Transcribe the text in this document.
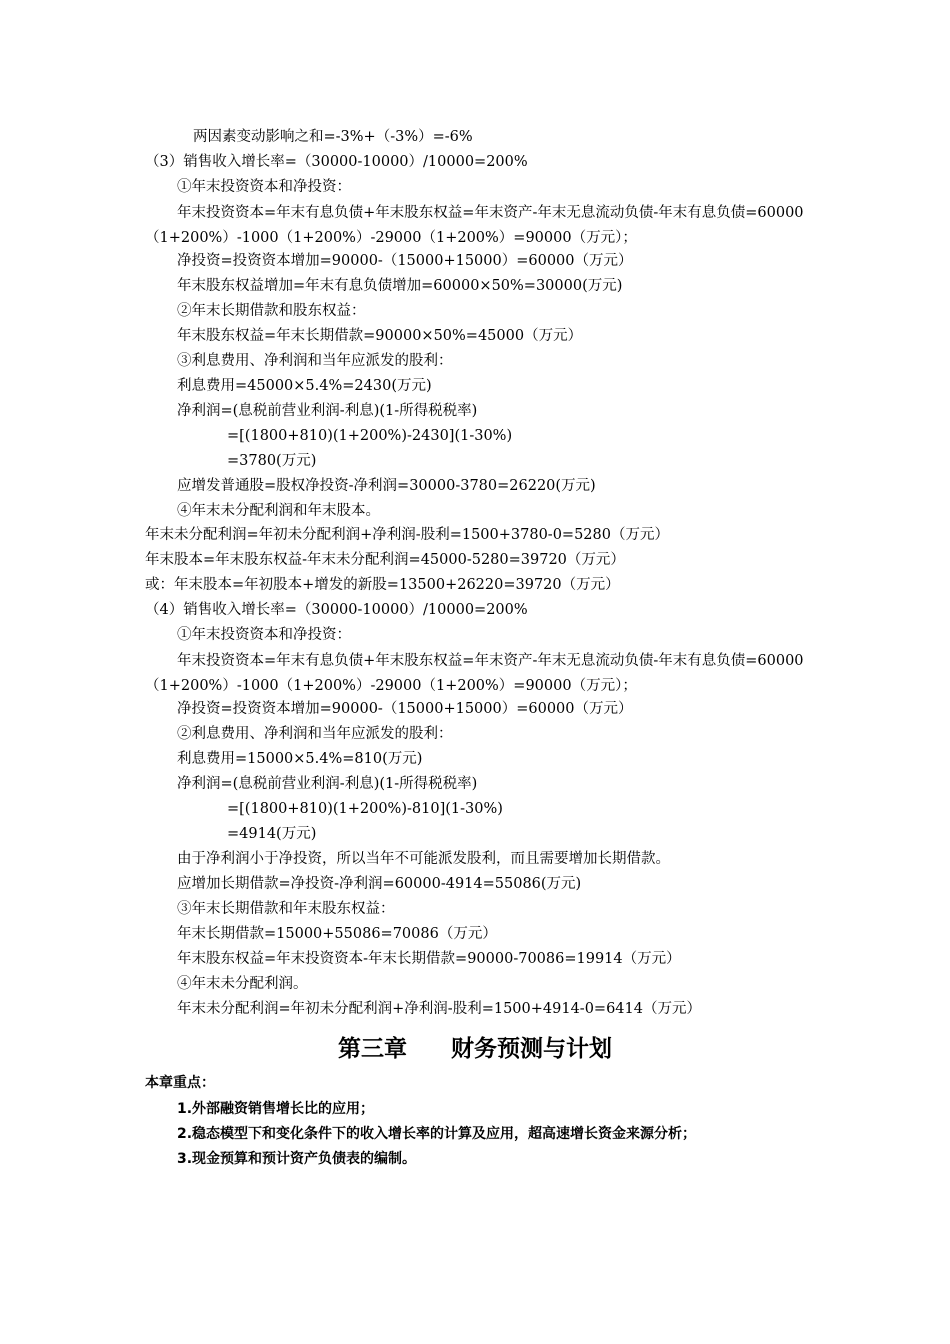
两因素变动影响之和=-3%+（-3%）=-6%
（3）销售收入增长率=（30000-10000）/10000=200%
①年末投资资本和净投资：
年末投资资本=年末有息负债+年末股东权益=年末资产-年末无息流动负债-年末有息负债=60000（1+200%）-1000（1+200%）-29000（1+200%）=90000（万元）；
净投资=投资资本增加=90000-（15000+15000）=60000（万元）
年末股东权益增加=年末有息负债增加=60000×50%=30000(万元)
②年末长期借款和股东权益：
年末股东权益=年末长期借款=90000×50%=45000（万元）
③利息费用、净利润和当年应派发的股利：
利息费用=45000×5.4%=2430(万元)
净利润=(息税前营业利润-利息)(1-所得税税率)
=[(1800+810)(1+200%)-2430](1-30%)
=3780(万元)
应增发普通股=股权净投资-净利润=30000-3780=26220(万元)
④年末未分配利润和年末股本。
年末未分配利润=年初未分配利润+净利润-股利=1500+3780-0=5280（万元）
年末股本=年末股东权益-年末未分配利润=45000-5280=39720（万元）
或：年末股本=年初股本+增发的新股=13500+26220=39720（万元）
（4）销售收入增长率=（30000-10000）/10000=200%
①年末投资资本和净投资：
年末投资资本=年末有息负债+年末股东权益=年末资产-年末无息流动负债-年末有息负债=60000（1+200%）-1000（1+200%）-29000（1+200%）=90000（万元）；
净投资=投资资本增加=90000-（15000+15000）=60000（万元）
②利息费用、净利润和当年应派发的股利：
利息费用=15000×5.4%=810(万元)
净利润=(息税前营业利润-利息)(1-所得税税率)
=[(1800+810)(1+200%)-810](1-30%)
=4914(万元)
由于净利润小于净投资，所以当年不可能派发股利，而且需要增加长期借款。
应增加长期借款=净投资-净利润=60000-4914=55086(万元)
③年末长期借款和年末股东权益：
年末长期借款=15000+55086=70086（万元）
年末股东权益=年末投资资本-年末长期借款=90000-70086=19914（万元）
④年末未分配利润。
年末未分配利润=年初未分配利润+净利润-股利=1500+4914-0=6414（万元）
第三章 财务预测与计划
本章重点：
1.外部融资销售增长比的应用；
2.稳态模型下和变化条件下的收入增长率的计算及应用，超高速增长资金来源分析；
3.现金预算和预计资产负债表的编制。
